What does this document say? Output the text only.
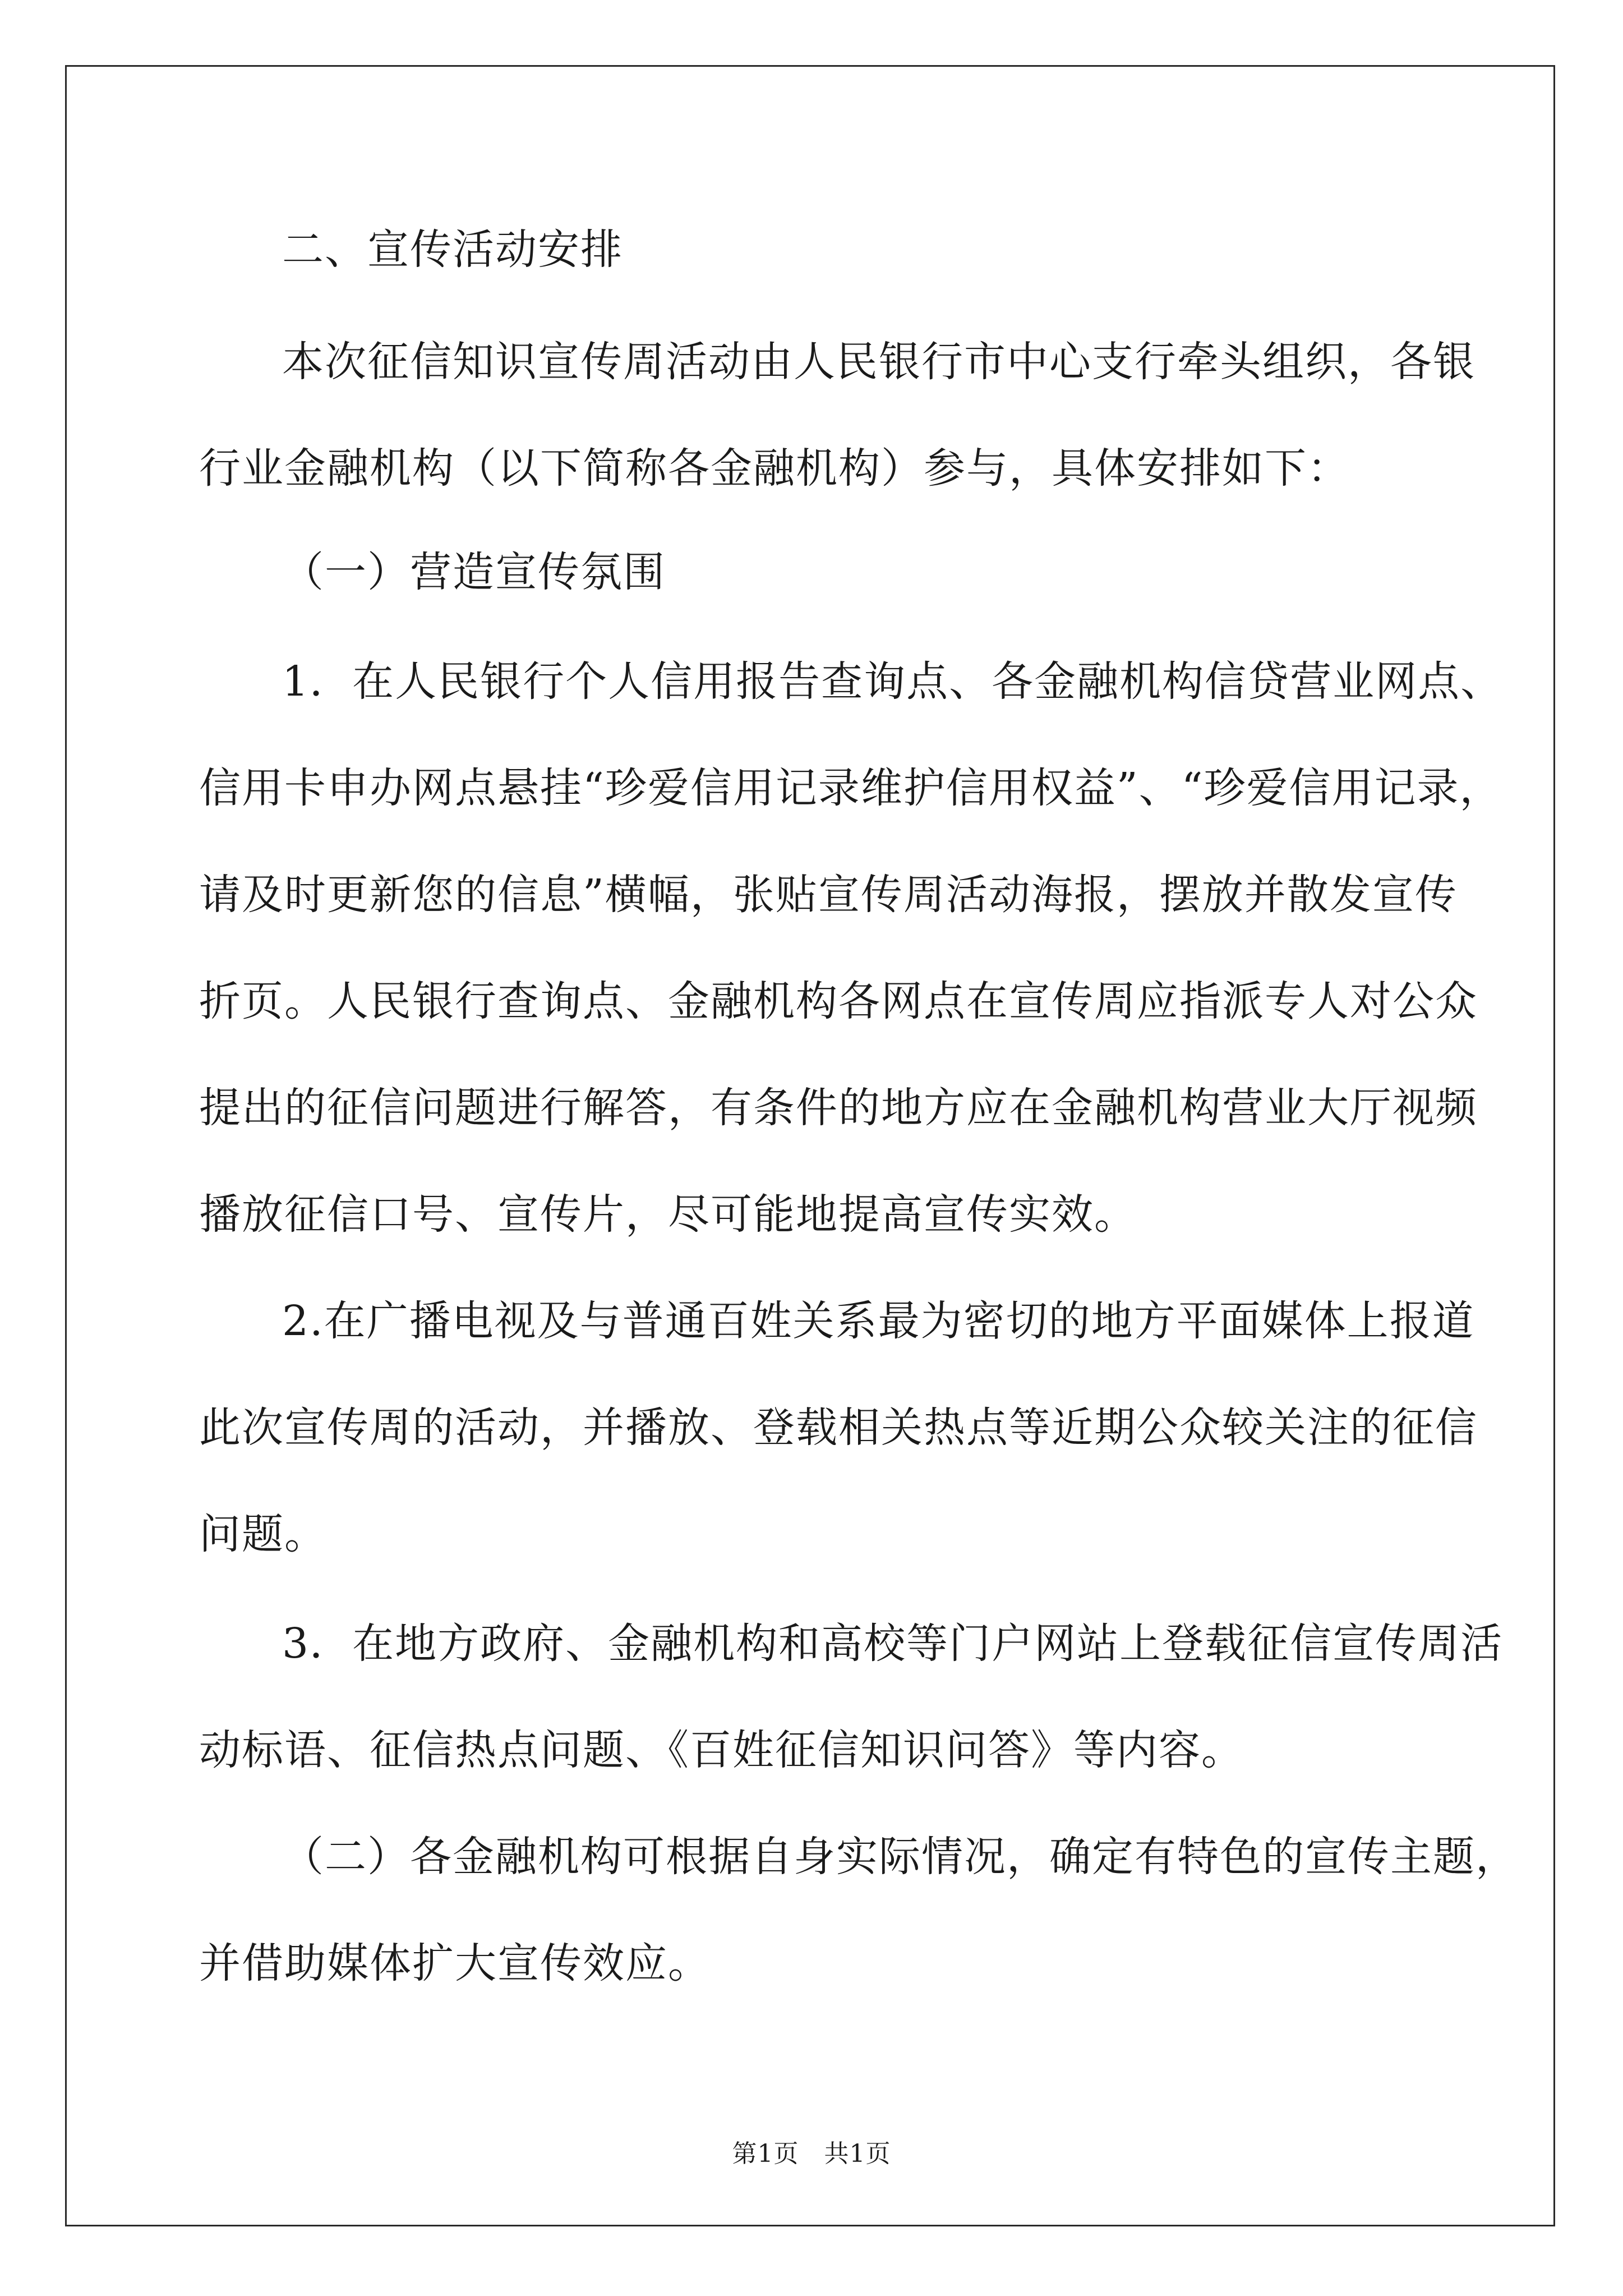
二、宣传活动安排

本次征信知识宣传周活动由人民银行市中心支行牵头组织，各银

行业金融机构（以下简称各金融机构）参与，具体安排如下：

（一）营造宣传氛围

1．在人民银行个人信用报告查询点、各金融机构信贷营业网点、

信用卡申办网点悬挂“珍爱信用记录维护信用权益”、“珍爱信用记录，

请及时更新您的信息”横幅，张贴宣传周活动海报，摆放并散发宣传

折页。人民银行查询点、金融机构各网点在宣传周应指派专人对公众

提出的征信问题进行解答，有条件的地方应在金融机构营业大厅视频

播放征信口号、宣传片，尽可能地提高宣传实效。

2.在广播电视及与普通百姓关系最为密切的地方平面媒体上报道

此次宣传周的活动，并播放、登载相关热点等近期公众较关注的征信

问题。

3．在地方政府、金融机构和高校等门户网站上登载征信宣传周活

动标语、征信热点问题、《百姓征信知识问答》等内容。

（二）各金融机构可根据自身实际情况，确定有特色的宣传主题，

并借助媒体扩大宣传效应。

第1页　共1页
